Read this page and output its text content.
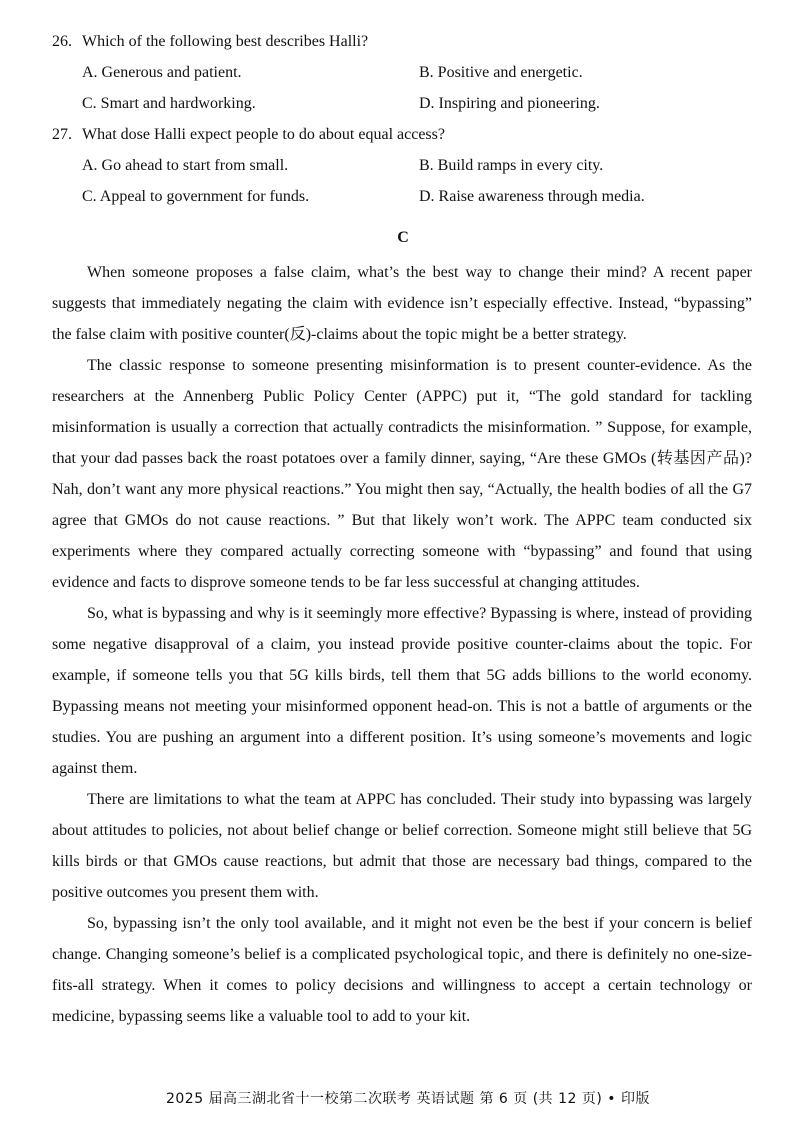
26. Which of the following best describes Halli?
A. Generous and patient.	B. Positive and energetic.
C. Smart and hardworking.	D. Inspiring and pioneering.
27. What dose Halli expect people to do about equal access?
A. Go ahead to start from small.	B. Build ramps in every city.
C. Appeal to government for funds.	D. Raise awareness through media.
C

When someone proposes a false claim, what’s the best way to change their mind? A recent paper suggests that immediately negating the claim with evidence isn’t especially effective. Instead, “bypassing” the false claim with positive counter(反)-claims about the topic might be a better strategy.

The classic response to someone presenting misinformation is to present counter-evidence. As the researchers at the Annenberg Public Policy Center (APPC) put it, “The gold standard for tackling misinformation is usually a correction that actually contradicts the misinformation. ” Suppose, for example, that your dad passes back the roast potatoes over a family dinner, saying, “Are these GMOs (转基因产品)? Nah, don’t want any more physical reactions.” You might then say, “Actually, the health bodies of all the G7 agree that GMOs do not cause reactions. ” But that likely won’t work. The APPC team conducted six experiments where they compared actually correcting someone with “bypassing” and found that using evidence and facts to disprove someone tends to be far less successful at changing attitudes.

So, what is bypassing and why is it seemingly more effective? Bypassing is where, instead of providing some negative disapproval of a claim, you instead provide positive counter-claims about the topic. For example, if someone tells you that 5G kills birds, tell them that 5G adds billions to the world economy. Bypassing means not meeting your misinformed opponent head-on. This is not a battle of arguments or the studies. You are pushing an argument into a different position. It’s using someone’s movements and logic against them.

There are limitations to what the team at APPC has concluded. Their study into bypassing was largely about attitudes to policies, not about belief change or belief correction. Someone might still believe that 5G kills birds or that GMOs cause reactions, but admit that those are necessary bad things, compared to the positive outcomes you present them with.

So, bypassing isn’t the only tool available, and it might not even be the best if your concern is belief change. Changing someone’s belief is a complicated psychological topic, and there is definitely no one-size-fits-all strategy. When it comes to policy decisions and willingness to accept a certain technology or medicine, bypassing seems like a valuable tool to add to your kit.

2025 届高三湖北省十一校第二次联考 英语试题 第 6 页 (共 12 页) • 印版
